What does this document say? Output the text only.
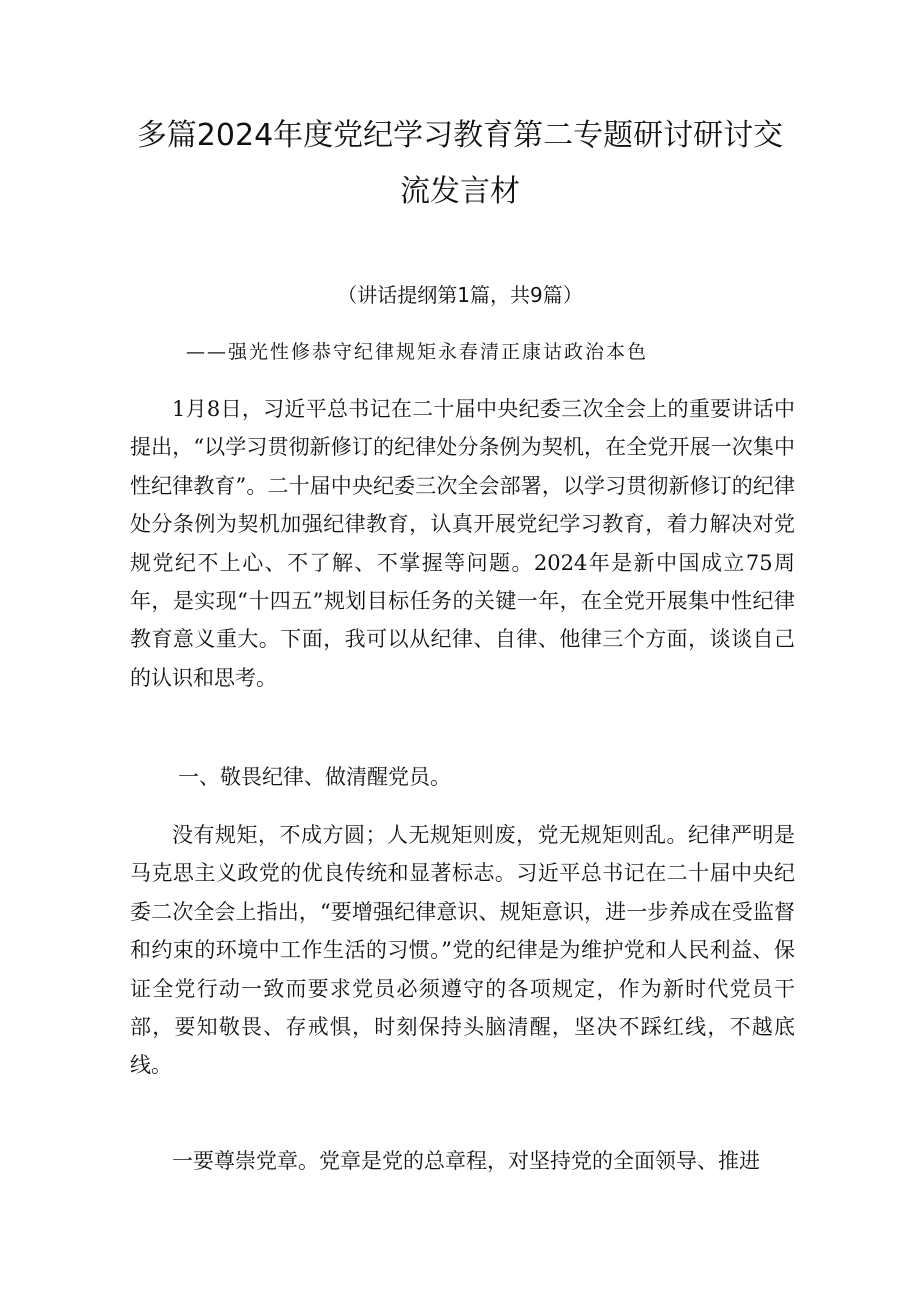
多篇2024年度党纪学习教育第二专题研讨研讨交
流发言材
（讲话提纲第1篇，共9篇）
——强光性修恭守纪律规矩永春清正康诂政治本色

1月8日，习近平总书记在二十届中央纪委三次全会上的重要讲话中提出，“以学习贯彻新修订的纪律处分条例为契机，在全党开展一次集中性纪律教育”。二十届中央纪委三次全会部署，以学习贯彻新修订的纪律处分条例为契机加强纪律教育，认真开展党纪学习教育，着力解决对党规党纪不上心、不了解、不掌握等问题。2024年是新中国成立75周年，是实现“十四五”规划目标任务的关键一年，在全党开展集中性纪律教育意义重大。下面，我可以从纪律、自律、他律三个方面，谈谈自己的认识和思考。

一、敬畏纪律、做清醒党员。

没有规矩，不成方圆；人无规矩则废，党无规矩则乱。纪律严明是马克思主义政党的优良传统和显著标志。习近平总书记在二十届中央纪委二次全会上指出，“要增强纪律意识、规矩意识，进一步养成在受监督和约束的环境中工作生活的习惯。”党的纪律是为维护党和人民利益、保证全党行动一致而要求党员必须遵守的各项规定，作为新时代党员干部，要知敬畏、存戒惧，时刻保持头脑清醒，坚决不踩红线，不越底线。

一要尊崇党章。党章是党的总章程，对坚持党的全面领导、推进
